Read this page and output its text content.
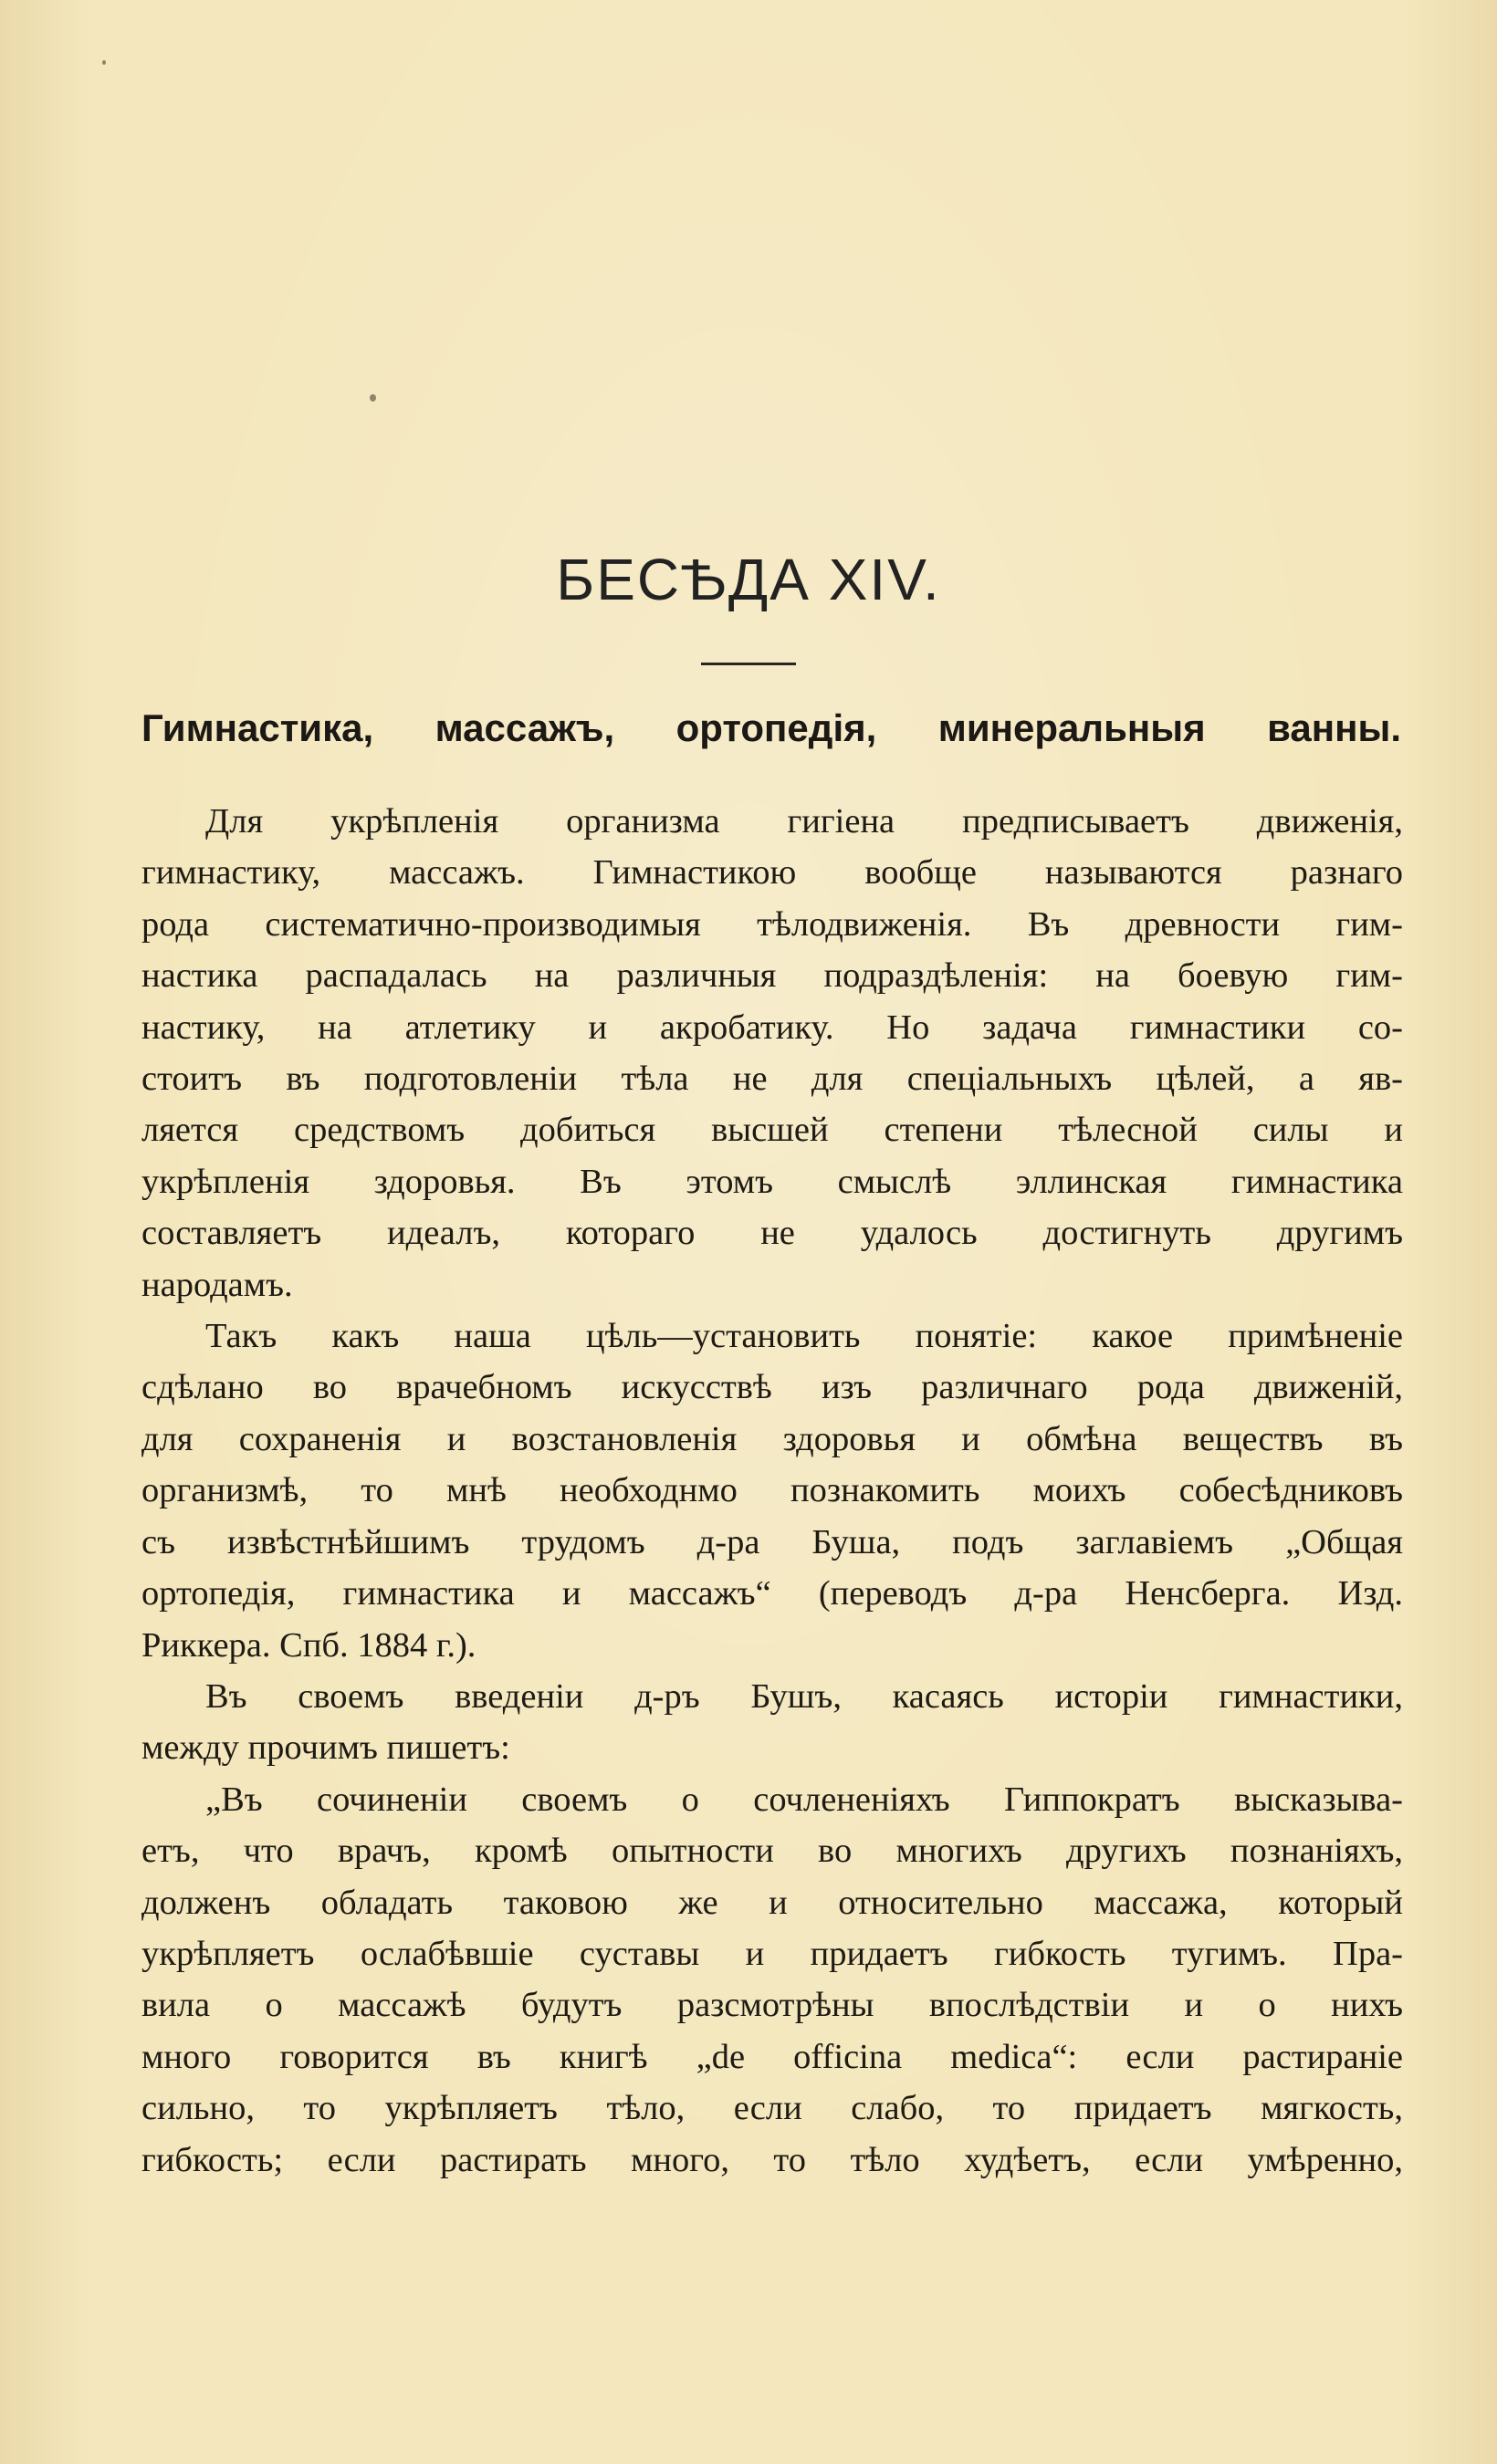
БЕСѢДА XIV.
Гимнастика, массажъ, ортопедія, минеральныя ванны.
Для укрѣпленія организма гигіена предписываетъ движенія,
гимнастику, массажъ. Гимнастикою вообще называются разнаго
рода систематично-производимыя тѣлодвиженія. Въ древности гим-
настика распадалась на различныя подраздѣленія: на боевую гим-
настику, на атлетику и акробатику. Но задача гимнастики со-
стоитъ въ подготовленіи тѣла не для спеціальныхъ цѣлей, а яв-
ляется средствомъ добиться высшей степени тѣлесной силы и
укрѣпленія здоровья. Въ этомъ смыслѣ эллинская гимнастика
составляетъ идеалъ, котораго не удалось достигнуть другимъ
народамъ.
Такъ какъ наша цѣль—установить понятіе: какое примѣненіе
сдѣлано во врачебномъ искусствѣ изъ различнаго рода движеній,
для сохраненія и возстановленія здоровья и обмѣна веществъ въ
организмѣ, то мнѣ необходнмо познакомить моихъ собесѣдниковъ
съ извѣстнѣйшимъ трудомъ д-ра Буша, подъ заглавіемъ „Общая
ортопедія, гимнастика и массажъ“ (переводъ д-ра Ненсберга. Изд.
Риккера. Спб. 1884 г.).
Въ своемъ введеніи д-ръ Бушъ, касаясь исторіи гимнастики,
между прочимъ пишетъ:
„Въ сочиненіи своемъ о сочлененіяхъ Гиппократъ высказыва-
етъ, что врачъ, кромѣ опытности во многихъ другихъ познаніяхъ,
долженъ обладать таковою же и относительно массажа, который
укрѣпляетъ ослабѣвшіе суставы и придаетъ гибкость тугимъ. Пра-
вила о массажѣ будутъ разсмотрѣны впослѣдствіи и о нихъ
много говорится въ книгѣ „de officina medica“: если растираніе
сильно, то укрѣпляетъ тѣло, если слабо, то придаетъ мягкость,
гибкость; если растирать много, то тѣло худѣетъ, если умѣренно,
